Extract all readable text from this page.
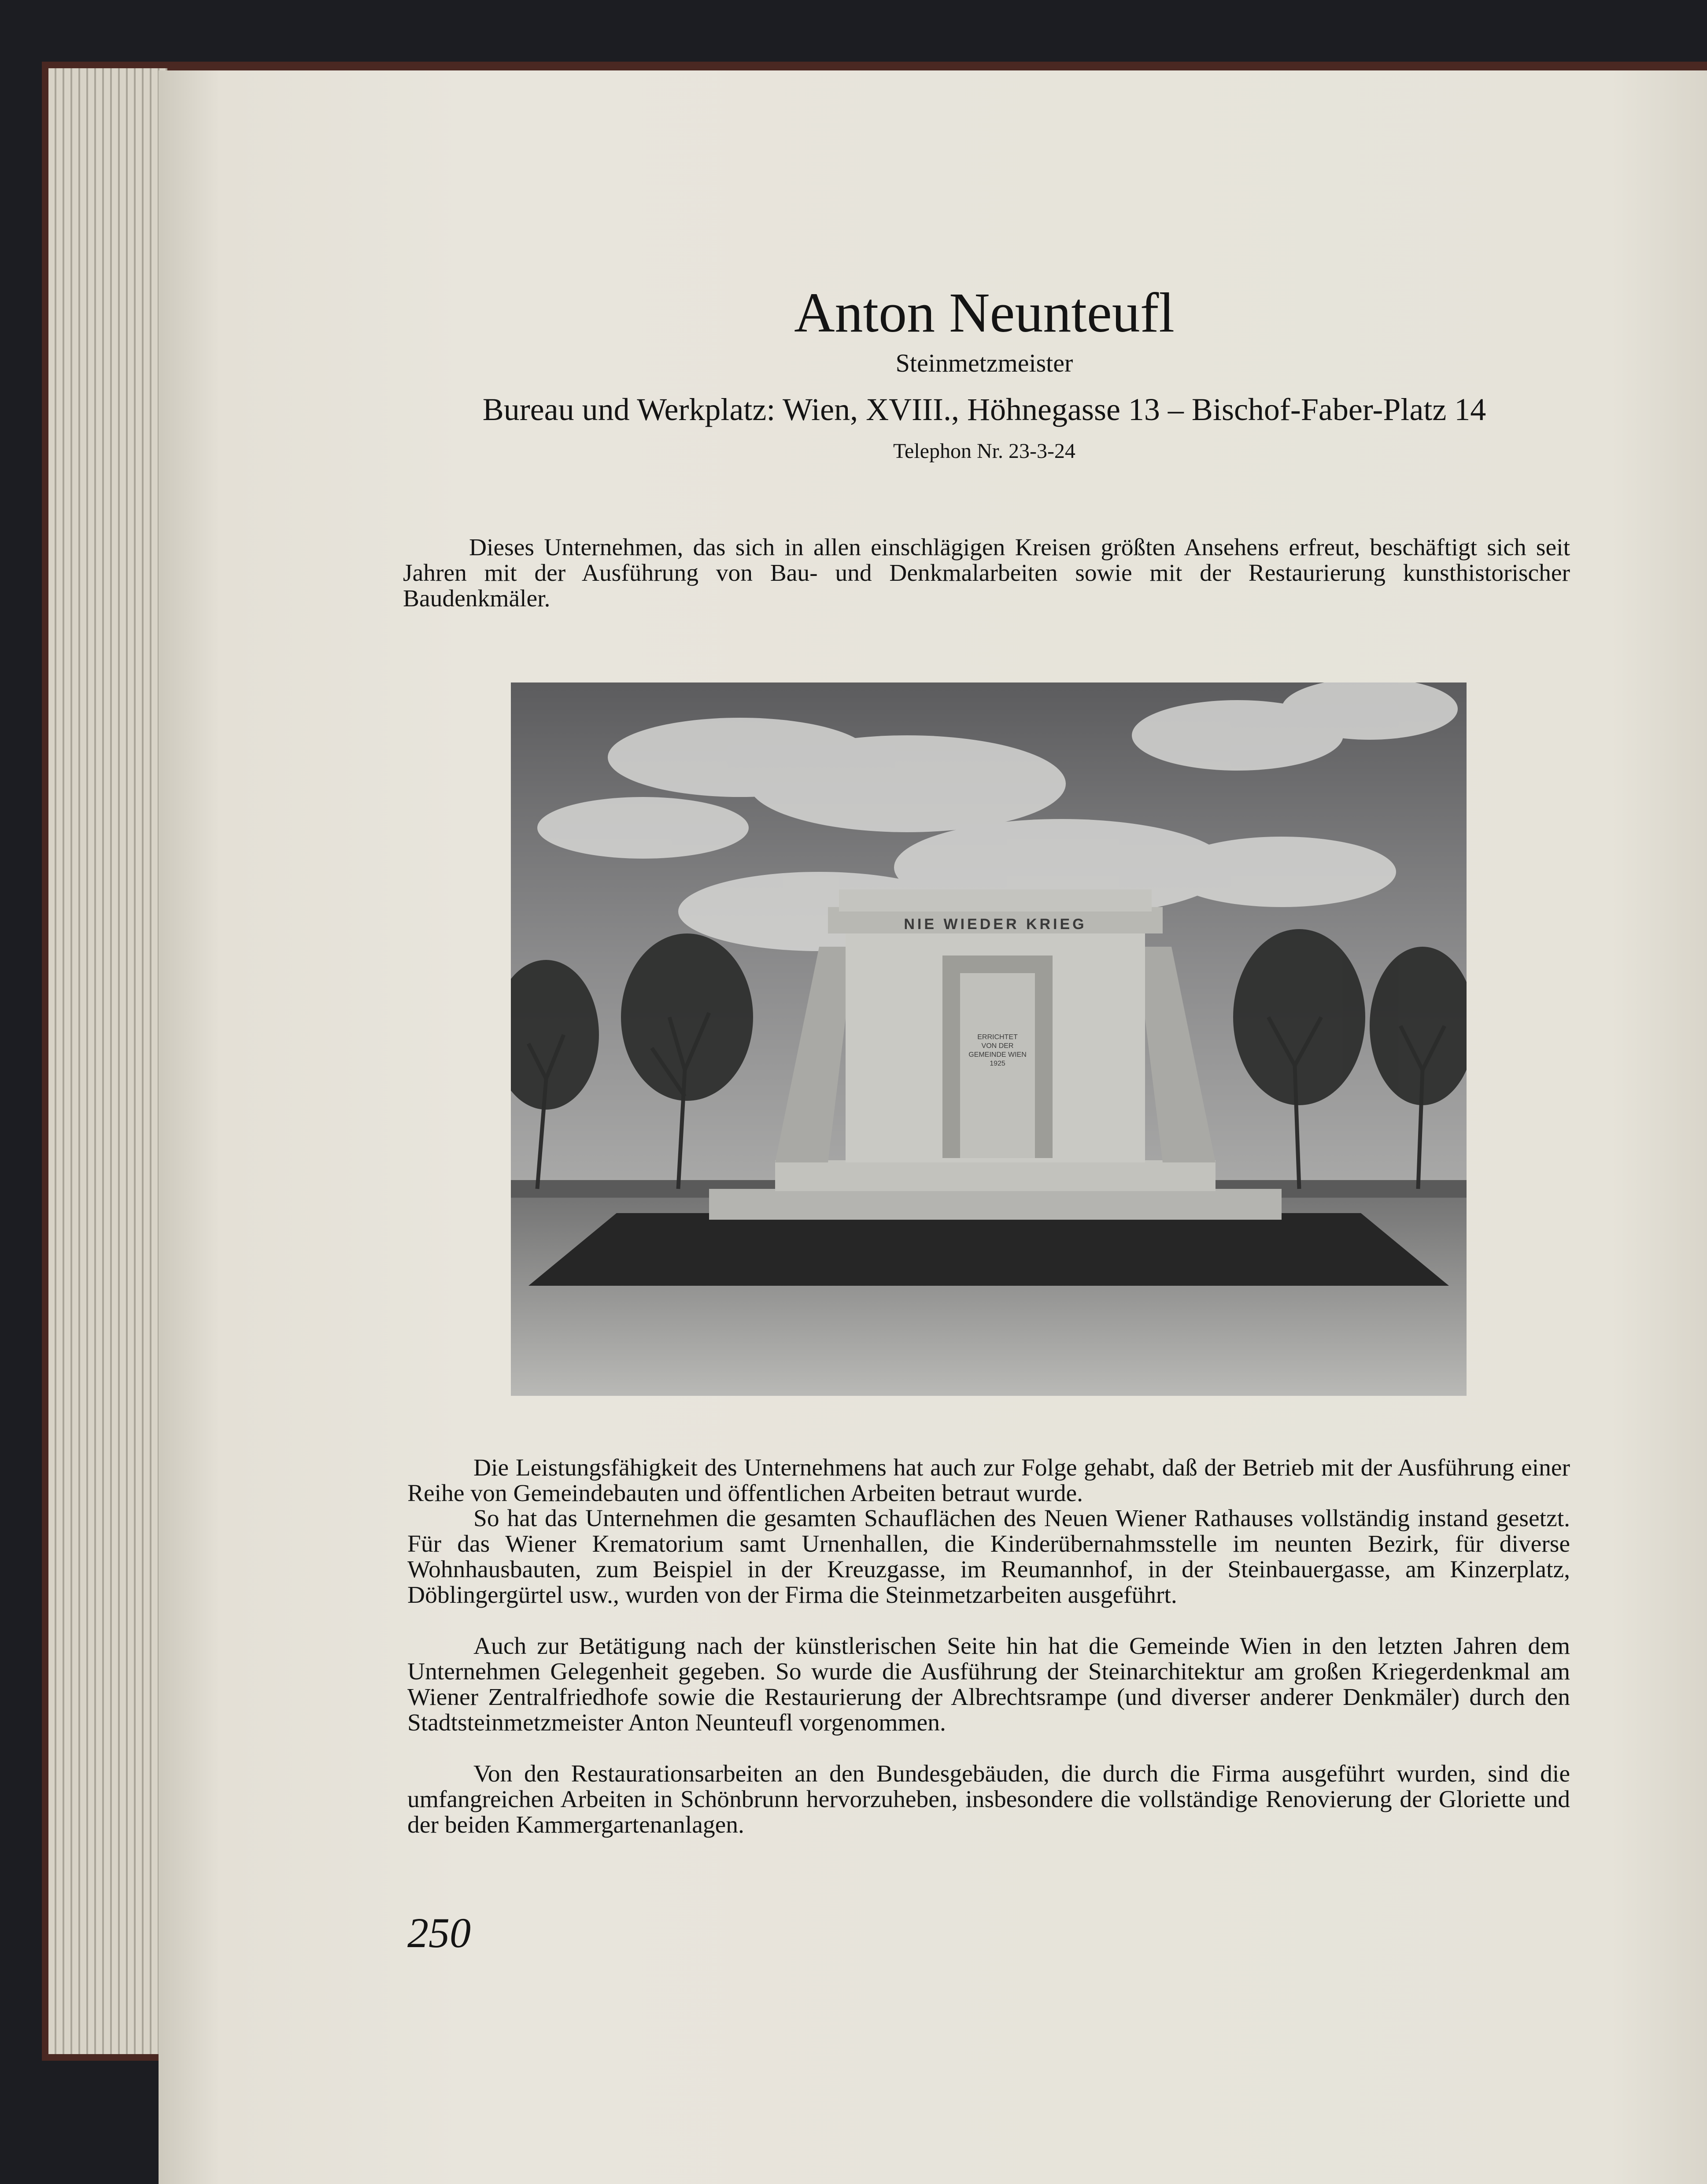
Anton Neunteufl
Steinmetzmeister
Bureau und Werkplatz: Wien, XVIII., Höhnegasse 13 – Bischof-Faber-Platz 14
Telephon Nr. 23-3-24
Dieses Unternehmen, das sich in allen einschlägigen Kreisen größten Ansehens erfreut, beschäftigt sich seit Jahren mit der Ausführung von Bau- und Denkmalarbeiten sowie mit der Restaurierung kunsthistorischer Baudenkmäler.
NIE WIEDER KRIEG
ERRICHTET
VON DER
GEMEINDE WIEN
1925
Die Leistungsfähigkeit des Unternehmens hat auch zur Folge gehabt, daß der Betrieb mit der Ausführung einer Reihe von Gemeindebauten und öffentlichen Arbeiten betraut wurde.
So hat das Unternehmen die gesamten Schauflächen des Neuen Wiener Rathauses vollständig instand gesetzt. Für das Wiener Krematorium samt Urnenhallen, die Kinderübernahmsstelle im neunten Bezirk, für diverse Wohnhausbauten, zum Beispiel in der Kreuzgasse, im Reumannhof, in der Steinbauergasse, am Kinzerplatz, Döblingergürtel usw., wurden von der Firma die Steinmetzarbeiten ausgeführt.
Auch zur Betätigung nach der künstlerischen Seite hin hat die Gemeinde Wien in den letzten Jahren dem Unternehmen Gelegenheit gegeben. So wurde die Ausführung der Steinarchitektur am großen Kriegerdenkmal am Wiener Zentralfriedhofe sowie die Restaurierung der Albrechtsrampe (und diverser anderer Denkmäler) durch den Stadtsteinmetzmeister Anton Neunteufl vorgenommen.
Von den Restaurationsarbeiten an den Bundesgebäuden, die durch die Firma ausgeführt wurden, sind die umfangreichen Arbeiten in Schönbrunn hervorzuheben, insbesondere die vollständige Renovierung der Gloriette und der beiden Kammergartenanlagen.
250
